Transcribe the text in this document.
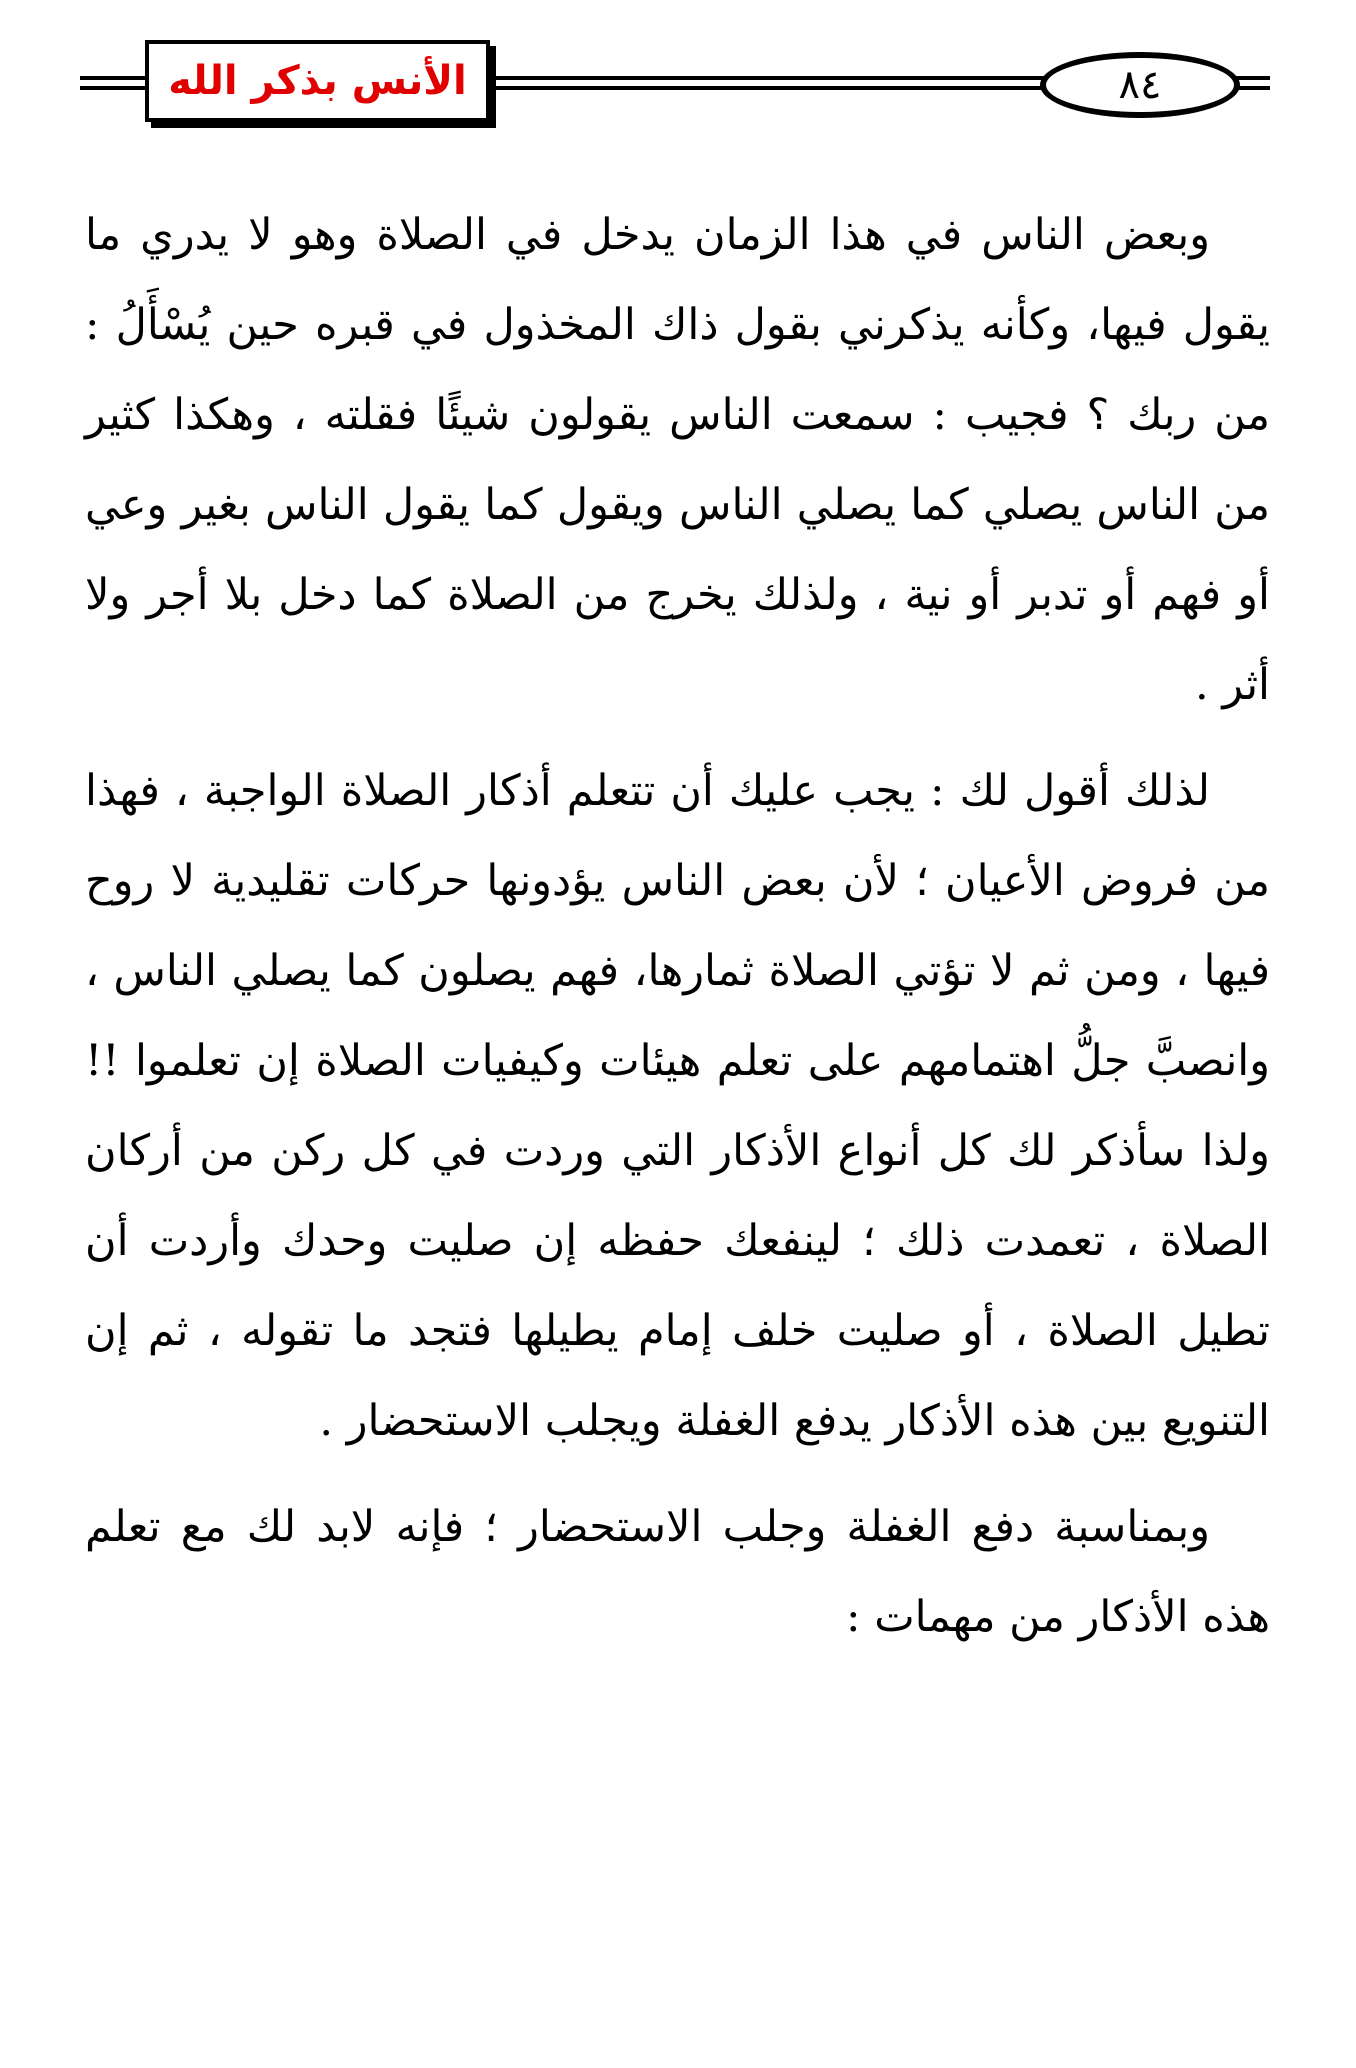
الأنس بذكر الله	٨٤

وبعض الناس في هذا الزمان يدخل في الصلاة وهو لا يدري ما يقول فيها، وكأنه يذكرني بقول ذاك المخذول في قبره حين يُسْأَلُ : من ربك ؟ فجيب : سمعت الناس يقولون شيئًا فقلته ، وهكذا كثير من الناس يصلي كما يصلي الناس ويقول كما يقول الناس بغير وعي أو فهم أو تدبر أو نية ، ولذلك يخرج من الصلاة كما دخل بلا أجر ولا أثر .

لذلك أقول لك : يجب عليك أن تتعلم أذكار الصلاة الواجبة ، فهذا من فروض الأعيان ؛ لأن بعض الناس يؤدونها حركات تقليدية لا روح فيها ، ومن ثم لا تؤتي الصلاة ثمارها، فهم يصلون كما يصلي الناس ، وانصبَّ جلُّ اهتمامهم على تعلم هيئات وكيفيات الصلاة إن تعلموا !! ولذا سأذكر لك كل أنواع الأذكار التي وردت في كل ركن من أركان الصلاة ، تعمدت ذلك ؛ لينفعك حفظه إن صليت وحدك وأردت أن تطيل الصلاة ، أو صليت خلف إمام يطيلها فتجد ما تقوله ، ثم إن التنويع بين هذه الأذكار يدفع الغفلة ويجلب الاستحضار .

وبمناسبة دفع الغفلة وجلب الاستحضار ؛ فإنه لابد لك مع تعلم هذه الأذكار من مهمات :
